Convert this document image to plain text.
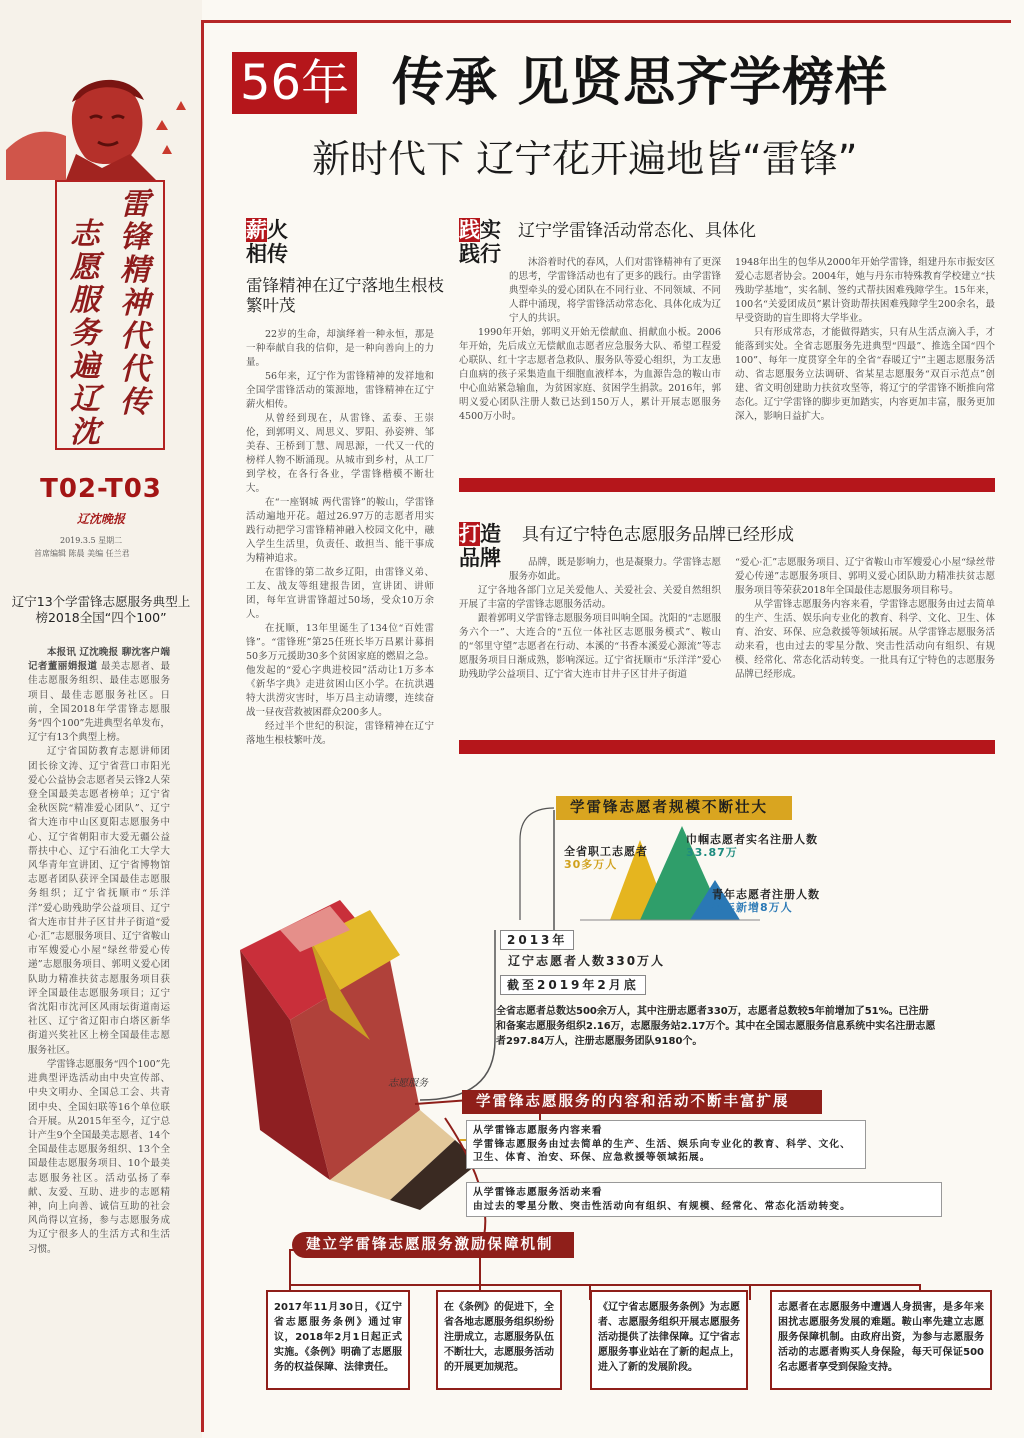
雷
锋
精
神
代
代
传
志
愿
服
务
遍
辽
沈
T02-T03
辽沈晚报
2019.3.5 星期二
首席编辑 陈晨 美编 任兰君
辽宁13个学雷锋志愿服务典型上榜2018全国“四个100”

本报讯 辽沈晚报 聊沈客户端记者董丽娟报道 最美志愿者、最佳志愿服务组织、最佳志愿服务项目、最佳志愿服务社区。日前，全国2018年学雷锋志愿服务“四个100”先进典型名单发布，辽宁有13个典型上榜。

辽宁省国防教育志愿讲师团团长徐文涛、辽宁省营口市阳光爱心公益协会志愿者吴云锋2人荣登全国最美志愿者榜单；辽宁省金秋医院“精准爱心团队”、辽宁省大连市中山区夏阳志愿服务中心、辽宁省朝阳市大爱无疆公益帮扶中心、辽宁石油化工大学大风华青年宣讲团、辽宁省博物馆志愿者团队获评全国最佳志愿服务组织；辽宁省抚顺市“乐洋洋”爱心助残助学公益项目、辽宁省大连市甘井子区甘井子街道“爱心·汇”志愿服务项目、辽宁省鞍山市军嫂爱心小屋“绿丝带爱心传递”志愿服务项目、郭明义爱心团队助力精准扶贫志愿服务项目获评全国最佳志愿服务项目；辽宁省沈阳市沈河区风雨坛街道南运社区、辽宁省辽阳市白塔区新华街道兴奖社区上榜全国最佳志愿服务社区。

学雷锋志愿服务“四个100”先进典型评选活动由中央宣传部、中央文明办、全国总工会、共青团中央、全国妇联等16个单位联合开展。从2015年至今，辽宁总计产生9个全国最美志愿者、14个全国最佳志愿服务组织、13个全国最佳志愿服务项目、10个最美志愿服务社区。活动弘扬了奉献、友爱、互助、进步的志愿精神，向上向善、诚信互助的社会风尚得以宣扬，参与志愿服务成为辽宁很多人的生活方式和生活习惯。

56年 传承 见贤思齐学榜样
新时代下 辽宁花开遍地皆“雷锋”
薪火
相传
雷锋精神在辽宁落地生根枝繁叶茂

22岁的生命，却演绎着一种永恒，那是一种奉献自我的信仰，是一种向善向上的力量。

56年来，辽宁作为雷锋精神的发祥地和全国学雷锋活动的策源地，雷锋精神在辽宁薪火相传。

从曾经到现在，从雷锋、孟泰、王崇伦，到郭明义、周思义、罗阳、孙姿辨、邹美春、王桥到丁慧、周思源，一代又一代的榜样人物不断涌现。从城市到乡村，从工厂到学校，在各行各业，学雷锋楷模不断壮大。

在“一座钢城 两代雷锋”的鞍山，学雷锋活动遍地开花。超过26.97万的志愿者用实践行动把学习雷锋精神融入校园文化中，融入学生生活里，负责任、敢担当、能干事成为精神追求。

在雷锋的第二故乡辽阳，由雷锋义弟、工友、战友等组建报告团，宣讲团、讲师团，每年宣讲雷锋超过50场，受众10万余人。

在抚顺，13年里诞生了134位“百姓雷锋”。“雷锋班”第25任班长毕万昌累计募捐50多万元援助30多个贫困家庭的燃眉之急。他发起的“爱心字典进校园”活动让1万多本《新华字典》走进贫困山区小学。在抗洪遇特大洪涝灾害时，毕万昌主动请缨，连续奋战一昼夜营救被困群众200多人。

经过半个世纪的积淀，雷锋精神在辽宁落地生根枝繁叶茂。

践实
践行
辽宁学雷锋活动常态化、具体化

沐浴着时代的春风，人们对雷锋精神有了更深的思考，学雷锋活动也有了更多的践行。由学雷锋典型牵头的爱心团队在不同行业、不同领域、不同人群中涌现，将学雷锋活动常态化、具体化成为辽宁人的共识。

1990年开始，郭明义开始无偿献血、捐献血小板。2006年开始，先后成立无偿献血志愿者应急服务大队、希望工程爱心联队、红十字志愿者急救队、服务队等爱心组织，为工友患白血病的孩子采集造血干细胞血液样本，为血源告急的鞍山市中心血站紧急输血，为贫困家庭、贫困学生捐款。2016年，郭明义爱心团队注册人数已达到150万人，累计开展志愿服务4500万小时。

1948年出生的包华从2000年开始学雷锋，组建丹东市振安区爱心志愿者协会。2004年，她与丹东市特殊教育学校建立“扶残助学基地”，实名制、签约式帮扶困难残障学生。15年来，100名“关爱团成员”累计资助帮扶困难残障学生200余名，最早受资助的盲生即将大学毕业。

只有形成常态，才能做得踏实，只有从生活点滴入手，才能落到实处。全省志愿服务先进典型“四最”、推选全国“四个100”、每年一度贯穿全年的全省“春暖辽宁”主题志愿服务活动、省志愿服务立法调研、省某星志愿服务“双百示范点”创建、省文明创建助力扶贫攻坚等，将辽宁的学雷锋不断推向常态化。辽宁学雷锋的脚步更加踏实，内容更加丰富，服务更加深入，影响日益扩大。

打造
品牌
具有辽宁特色志愿服务品牌已经形成

品牌，既是影响力，也是凝聚力。学雷锋志愿服务亦如此。

辽宁各地各部门立足关爱他人、关爱社会、关爱自然组织开展了丰富的学雷锋志愿服务活动。

跟着郭明义学雷锋志愿服务项目叫响全国。沈阳的“志愿服务六个一”、大连合的“五位一体社区志愿服务模式”、鞍山的“邻里守望”志愿者在行动、本溪的“书香本溪爱心源流”等志愿服务项目日渐成熟，影响深远。辽宁省抚顺市“乐洋洋”爱心助残助学公益项目、辽宁省大连市甘井子区甘井子街道

“爱心·汇”志愿服务项目、辽宁省鞍山市军嫂爱心小屋“绿丝带爱心传递”志愿服务项目、郭明义爱心团队助力精准扶贫志愿服务项目等荣获2018年全国最佳志愿服务项目称号。

从学雷锋志愿服务内容来看，学雷锋志愿服务由过去简单的生产、生活、娱乐向专业化的教育、科学、文化、卫生、体育、治安、环保、应急救援等领域拓展。从学雷锋志愿服务活动来看，也由过去的零星分散、突击性活动向有组织、有规模、经常化、常态化活动转变。一批具有辽宁特色的志愿服务品牌已经形成。

学雷锋志愿者规模不断壮大
全省职工志愿者
30多万人
巾帼志愿者实名注册人数
33.87万
青年志愿者注册人数
每年新增8万人
2013年
辽宁志愿者人数330万人
截至2019年2月底
全省志愿者总数达500余万人，其中注册志愿者330万，志愿者总数较5年前增加了51%。已注册和备案志愿服务组织2.16万，志愿服务站2.17万个。其中在全国志愿服务信息系统中实名注册志愿者297.84万人，注册志愿服务团队9180个。
志愿服务
学雷锋志愿服务的内容和活动不断丰富扩展
从学雷锋志愿服务内容来看
学雷锋志愿服务由过去简单的生产、生活、娱乐向专业化的教育、科学、文化、卫生、体育、治安、环保、应急救援等领域拓展。
从学雷锋志愿服务活动来看
由过去的零星分散、突击性活动向有组织、有规模、经常化、常态化活动转变。
建立学雷锋志愿服务激励保障机制
2017年11月30日，《辽宁省志愿服务条例》通过审议，2018年2月1日起正式实施。《条例》明确了志愿服务的权益保障、法律责任。
在《条例》的促进下，全省各地志愿服务组织纷纷注册成立，志愿服务队伍不断壮大，志愿服务活动的开展更加规范。
《辽宁省志愿服务条例》为志愿者、志愿服务组织开展志愿服务活动提供了法律保障。辽宁省志愿服务事业站在了新的起点上，进入了新的发展阶段。
志愿者在志愿服务中遭遇人身损害，是多年来困扰志愿服务发展的难题。鞍山率先建立志愿服务保障机制。由政府出资，为参与志愿服务活动的志愿者购买人身保险，每天可保证500名志愿者享受到保险支持。
